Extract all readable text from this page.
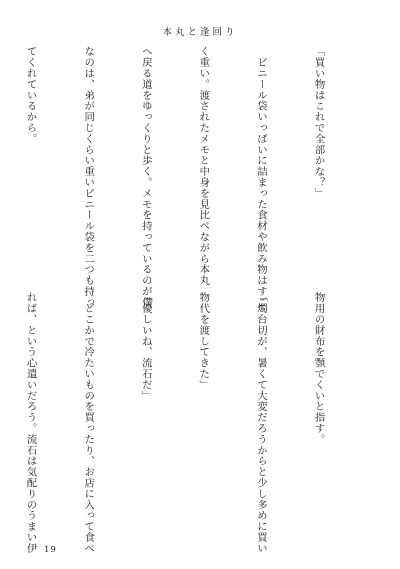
本丸と逢回り

「買い物はこれで全部かな？」

　ビニール袋いっぱいに詰まった食材や飲み物はすご

く重い。渡されたメモと中身を見比べながら本丸

へ戻る道をゆっくりと歩く。メモを持っているのが僕

なのは、弟が同じくらい重いビニール袋を二つも持っ

てくれているから。

物用の財布を顎でくいと指す。

「燭台切が、暑くて大変だろうからと少し多めに買い

物代を渡してきた」

「優しいね、流石だ」

　どこかで冷たいものを買ったり、お店に入って食べ

れば、という心遣いだろう。流石は気配りのうまい伊

19
